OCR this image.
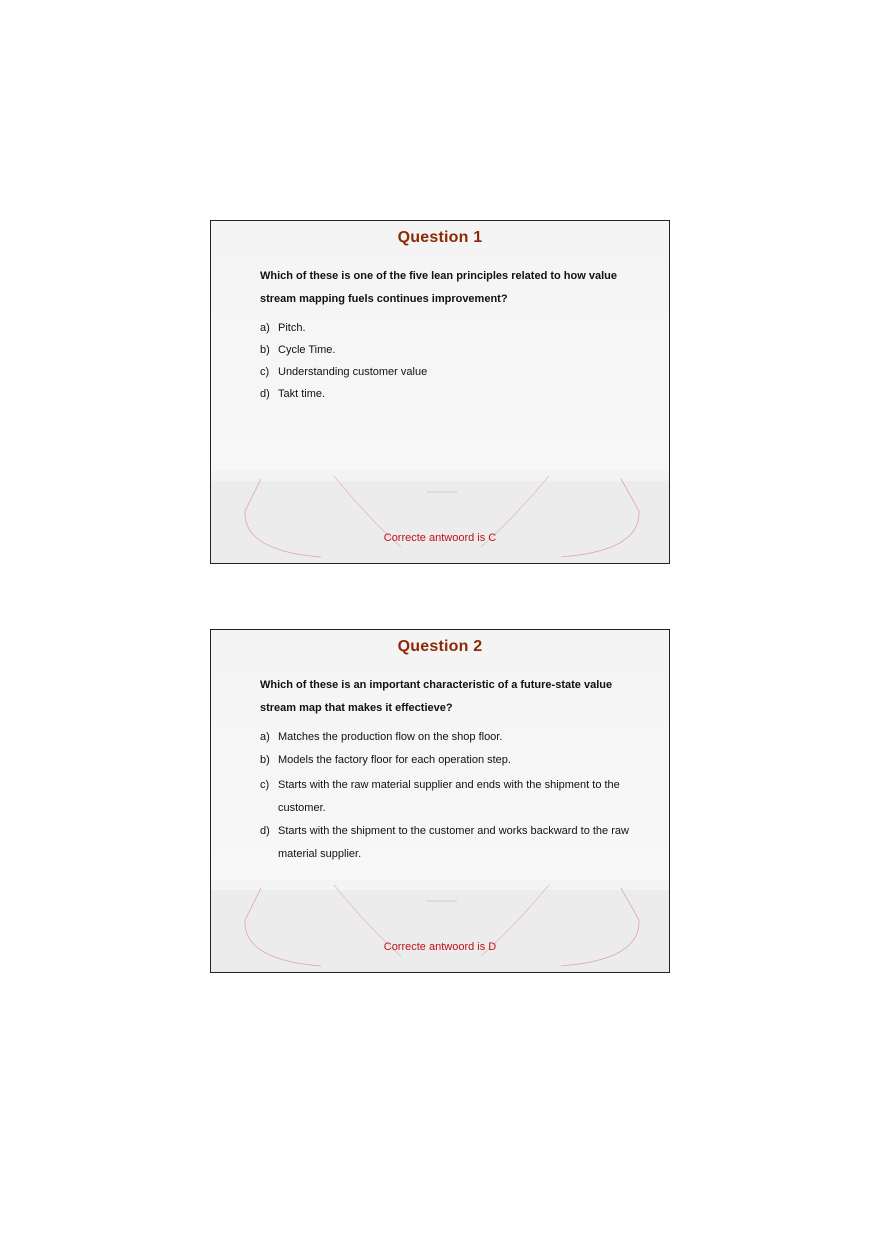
Question 1
Which of these is one of the five lean principles related to how value stream mapping fuels continues improvement?
a) Pitch.
b) Cycle Time.
c) Understanding customer value
d) Takt time.
Correcte antwoord is C
Question 2
Which of these is an important characteristic of a future-state value stream map that makes it effectieve?
a) Matches the production flow on the shop floor.
b) Models the factory floor for each operation step.
c) Starts with the raw material supplier and ends with the shipment to the customer.
d) Starts with the shipment to the customer and works backward to the raw material supplier.
Correcte antwoord is D
